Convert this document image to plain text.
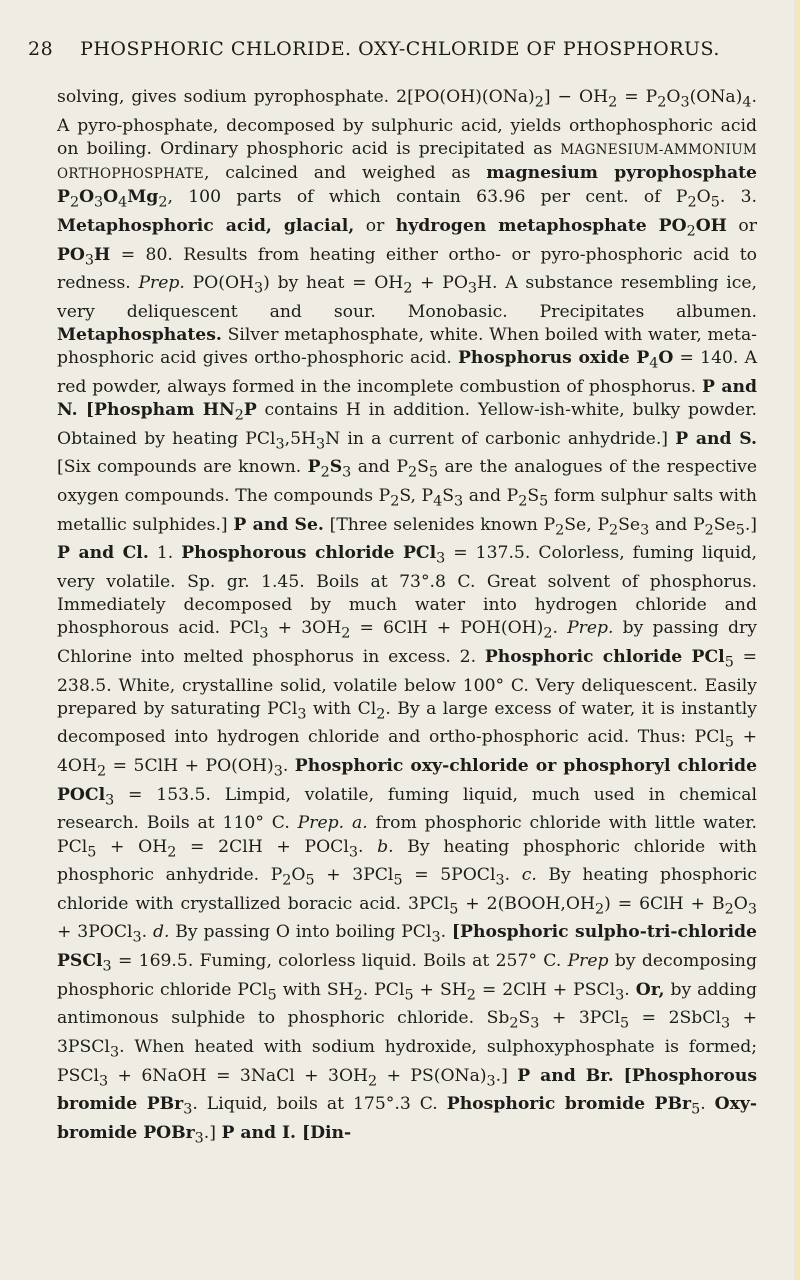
28	PHOSPHORIC CHLORIDE. OXY-CHLORIDE OF PHOSPHORUS.

solving, gives sodium pyrophosphate. $2[PO(OH)(ONa)_2] - OH_2 = P_2O_3(ONa)_4$. A pyro-phosphate, decomposed by sulphuric acid, yields orthophosphoric acid on boiling. Ordinary phosphoric acid is precipitated as MAGNESIUM-AMMONIUM ORTHOPHOSPHATE, calcined and weighed as magnesium pyrophosphate $P_2O_3O_4Mg_2$, 100 parts of which contain 63.96 per cent. of $P_2O_5$. 3. Metaphosphoric acid, glacial, or hydrogen metaphosphate $PO_2OH$ or $PO_3H = 80$. Results from heating either ortho- or pyro-phosphoric acid to redness. Prep. $PO(OH_3)$ by heat = $OH_2 + PO_3H$. A substance resembling ice, very deliquescent and sour. Monobasic. Precipitates albumen. Metaphosphates. Silver metaphosphate, white. When boiled with water, meta-phosphoric acid gives ortho-phosphoric acid. Phosphorus oxide $P_4O = 140$. A red powder, always formed in the incomplete combustion of phosphorus. P and N. [Phospham $HN_2P$ contains H in addition. Yellow-ish-white, bulky powder. Obtained by heating $PCl_3,5H_3N$ in a current of carbonic anhydride.] P and S. [Six compounds are known. $P_2S_3$ and $P_2S_5$ are the analogues of the respective oxygen compounds. The compounds $P_2S$, $P_4S_3$ and $P_2S_5$ form sulphur salts with metallic sulphides.] P and Se. [Three selenides known $P_2Se$, $P_2Se_3$ and $P_2Se_5$.] P and Cl. 1. Phosphorous chloride PCl$_3$ = 137.5. Colorless, fuming liquid, very volatile. Sp. gr. 1.45. Boils at 73°.8 C. Great solvent of phosphorus. Immediately decomposed by much water into hydrogen chloride and phosphorous acid. $PCl_3 + 3OH_2 = 6ClH + POH(OH)_2$. Prep. by passing dry Chlorine into melted phosphorus in excess. 2. Phosphoric chloride PCl$_5$ = 238.5. White, crystalline solid, volatile below 100° C. Very deliquescent. Easily prepared by saturating PCl$_3$ with $Cl_2$. By a large excess of water, it is instantly decomposed into hydrogen chloride and ortho-phosphoric acid. Thus: $PCl_5 + 4OH_2 = 5ClH + PO(OH)_3$. Phosphoric oxy-chloride or phosphoryl chloride POCl$_3$ = 153.5. Limpid, volatile, fuming liquid, much used in chemical research. Boils at 110° C. Prep. a. from phosphoric chloride with little water. $PCl_5 + OH_2 = 2ClH$ + POCl$_3$. b. By heating phosphoric chloride with phosphoric anhydride. $P_2O_5 + 3PCl_5$ = 5POCl$_3$. c. By heating phosphoric chloride with crystallized boracic acid. $3PCl_5 + 2(BOOH,OH_2) = 6ClH + B_2O_3$ + 3POCl$_3$. d. By passing O into boiling PCl$_3$. [Phosphoric sulpho-tri-chloride PSCl$_3$ = 169.5. Fuming, colorless liquid. Boils at 257° C. Prep by decomposing phosphoric chloride PCl$_5$ with $SH_2$. $PCl_5 + SH_2 = 2ClH$ + PSCl$_3$. Or, by adding antimonous sulphide to phosphoric chloride. $Sb_2S_3 + 3PCl_5$ = 2SbCl$_3$ + 3PSCl$_3$. When heated with sodium hydroxide, sulphoxyphosphate is formed; PSCl$_3$ + 6NaOH = 3NaCl + $3OH_2 + PS(ONa)_3$.] P and Br. [Phosphorous bromide PBr$_3$. Liquid, boils at 175°.3 C. Phosphoric bromide PBr$_5$. Oxy-bromide POBr$_3$.] P and I. [Din-
